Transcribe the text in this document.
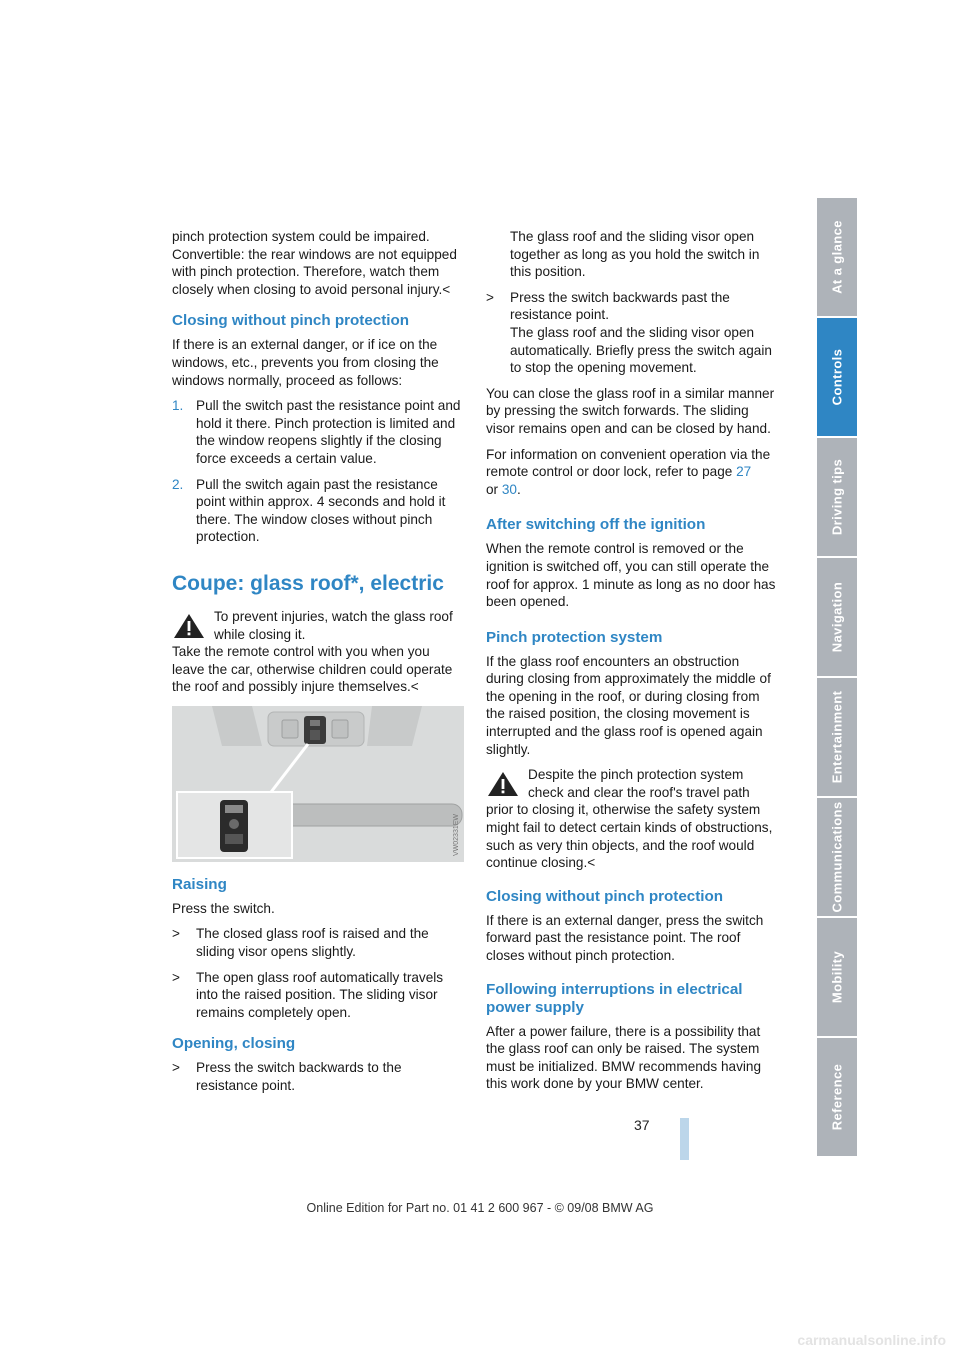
pinch protection system could be impaired. Convertible: the rear windows are not equipped with pinch protection. Therefore, watch them closely when closing to avoid personal injury.<

Closing without pinch protection

If there is an external danger, or if ice on the windows, etc., prevents you from closing the windows normally, proceed as follows:

1. Pull the switch past the resistance point and hold it there. Pinch protection is limited and the window reopens slightly if the closing force exceeds a certain value.
2. Pull the switch again past the resistance point within approx. 4 seconds and hold it there. The window closes without pinch protection.
Coupe: glass roof*, electric

To prevent injuries, watch the glass roof while closing it.

Take the remote control with you when you leave the car, otherwise children could operate the roof and possibly injure themselves.<

VW02331EW
Raising

Press the switch.

> The closed glass roof is raised and the sliding visor opens slightly.
> The open glass roof automatically travels into the raised position. The sliding visor remains completely open.
Opening, closing
> Press the switch backwards to the resistance point.

The glass roof and the sliding visor open together as long as you hold the switch in this position.

> Press the switch backwards past the resistance point.
The glass roof and the sliding visor open automatically. Briefly press the switch again to stop the opening movement.

You can close the glass roof in a similar manner by pressing the switch forwards. The sliding visor remains open and can be closed by hand.

For information on convenient operation via the remote control or door lock, refer to page 27
or 30.

After switching off the ignition

When the remote control is removed or the ignition is switched off, you can still operate the roof for approx. 1 minute as long as no door has been opened.

Pinch protection system

If the glass roof encounters an obstruction during closing from approximately the middle of the opening in the roof, or during closing from the raised position, the closing movement is interrupted and the glass roof is opened again slightly.

Despite the pinch protection system check and clear the roof's travel path prior to closing it, otherwise the safety system might fail to detect certain kinds of obstructions, such as very thin objects, and the roof would continue closing.<

Closing without pinch protection

If there is an external danger, press the switch forward past the resistance point. The roof closes without pinch protection.

Following interruptions in electrical power supply

After a power failure, there is a possibility that the glass roof can only be raised. The system must be initialized. BMW recommends having this work done by your BMW center.

At a glance
Controls
Driving tips
Navigation
Entertainment
Communications
Mobility
Reference
37
Online Edition for Part no. 01 41 2 600 967 - © 09/08 BMW AG
carmanualsonline.info
